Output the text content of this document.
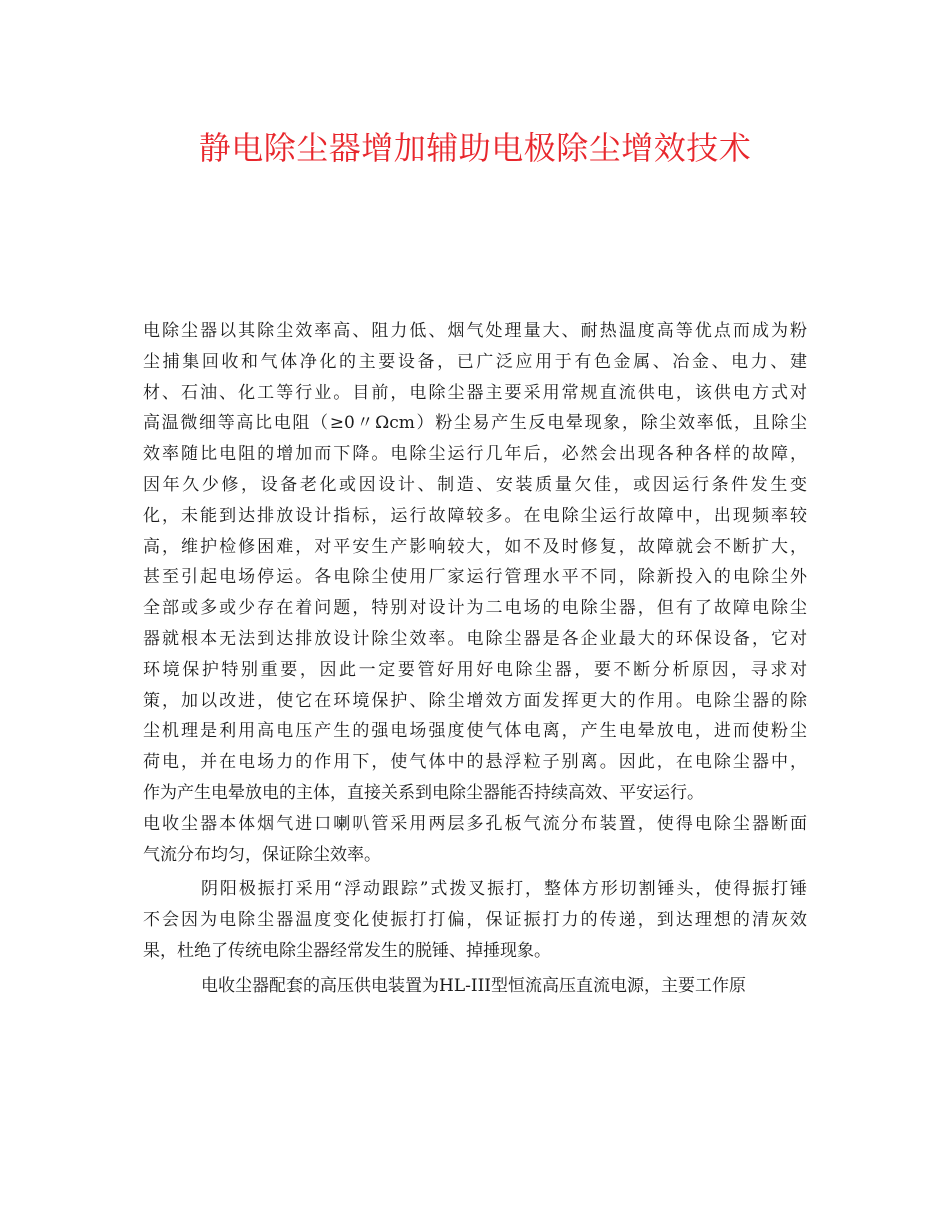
静电除尘器增加辅助电极除尘增效技术
电除尘器以其除尘效率高、阻力低、烟气处理量大、耐热温度高等优点而成为粉
尘捕集回收和气体净化的主要设备，已广泛应用于有色金属、冶金、电力、建
材、石油、化工等行业。目前，电除尘器主要采用常规直流供电，该供电方式对
高温微细等高比电阻（≥0〃Ωcm）粉尘易产生反电晕现象，除尘效率低，且除尘
效率随比电阻的增加而下降。电除尘运行几年后，必然会出现各种各样的故障，
因年久少修，设备老化或因设计、制造、安装质量欠佳，或因运行条件发生变
化，未能到达排放设计指标，运行故障较多。在电除尘运行故障中，出现频率较
高，维护检修困难，对平安生产影响较大，如不及时修复，故障就会不断扩大，
甚至引起电场停运。各电除尘使用厂家运行管理水平不同，除新投入的电除尘外
全部或多或少存在着问题，特别对设计为二电场的电除尘器，但有了故障电除尘
器就根本无法到达排放设计除尘效率。电除尘器是各企业最大的环保设备，它对
环境保护特别重要，因此一定要管好用好电除尘器，要不断分析原因，寻求对
策，加以改进，使它在环境保护、除尘增效方面发挥更大的作用。电除尘器的除
尘机理是利用高电压产生的强电场强度使气体电离，产生电晕放电，进而使粉尘
荷电，并在电场力的作用下，使气体中的悬浮粒子别离。因此，在电除尘器中，
作为产生电晕放电的主体，直接关系到电除尘器能否持续高效、平安运行。
电收尘器本体烟气进口喇叭管采用两层多孔板气流分布装置，使得电除尘器断面
气流分布均匀，保证除尘效率。
阴阳极振打采用“浮动跟踪”式拨叉振打，整体方形切割锤头，使得振打锤
不会因为电除尘器温度变化使振打打偏，保证振打力的传递，到达理想的清灰效
果，杜绝了传统电除尘器经常发生的脱锤、掉捶现象。
电收尘器配套的高压供电装置为HL-III型恒流高压直流电源，主要工作原
